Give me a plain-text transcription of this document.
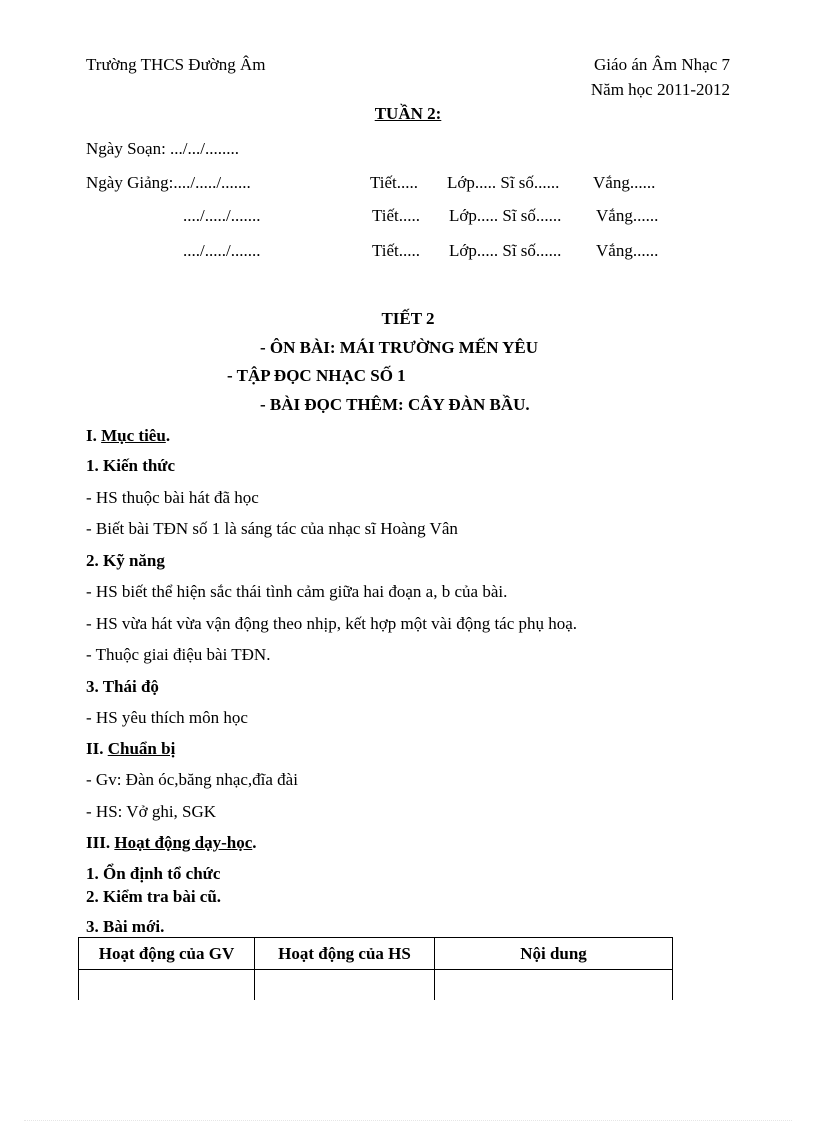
Trường THCS Đường Âm	Giáo án Âm Nhạc 7
Năm học 2011-2012
TUẦN 2:
Ngày Soạn: .../.../........
Ngày Giảng:..../...../.......	Tiết..... Lớp..... Sĩ số...... Vắng......
..../...../.......	Tiết..... Lớp..... Sĩ số...... Vắng......
..../...../.......	Tiết..... Lớp..... Sĩ số...... Vắng......
TIẾT 2
- ÔN BÀI: MÁI TRƯỜNG MẾN YÊU
- TẬP ĐỌC NHẠC SỐ 1
- BÀI ĐỌC THÊM: CÂY ĐÀN BẦU.
I. Mục tiêu.
1. Kiến thức
- HS thuộc bài hát đã học
- Biết bài TĐN số 1 là sáng tác của nhạc sĩ Hoàng Vân
2. Kỹ năng
- HS biết thể hiện sắc thái tình cảm giữa hai đoạn a, b của bài.
- HS vừa hát vừa vận động theo nhịp, kết hợp một vài động tác phụ hoạ.
- Thuộc giai điệu bài TĐN.
3. Thái độ
- HS yêu thích môn học
II. Chuẩn bị
- Gv: Đàn óc,băng nhạc,đĩa đài
- HS: Vở ghi, SGK
III. Hoạt động dạy-học.
1. Ổn định tổ chức
2. Kiểm tra bài cũ.
3. Bài mới.
Hoạt động của GV	Hoạt động của HS	Nội dung
